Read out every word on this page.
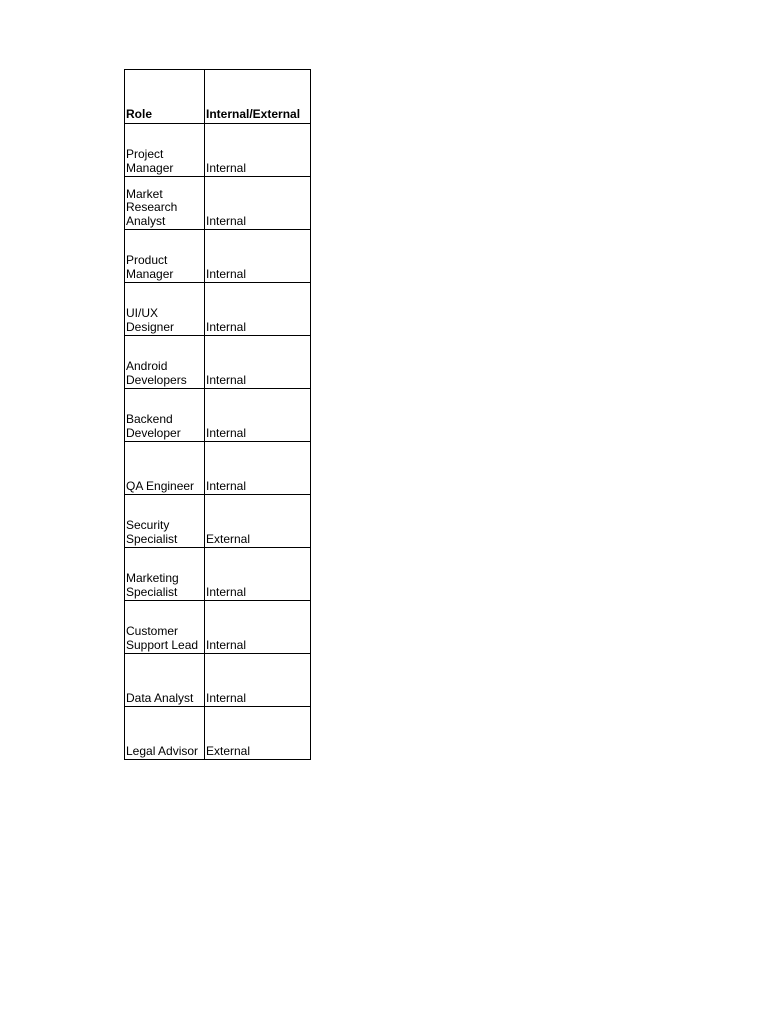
Role	Internal/External
Project Manager	Internal
Market Research Analyst	Internal
Product Manager	Internal
UI/UX Designer	Internal
Android Developers	Internal
Backend Developer	Internal
QA Engineer	Internal
Security Specialist	External
Marketing Specialist	Internal
Customer Support Lead	Internal
Data Analyst	Internal
Legal Advisor	External
